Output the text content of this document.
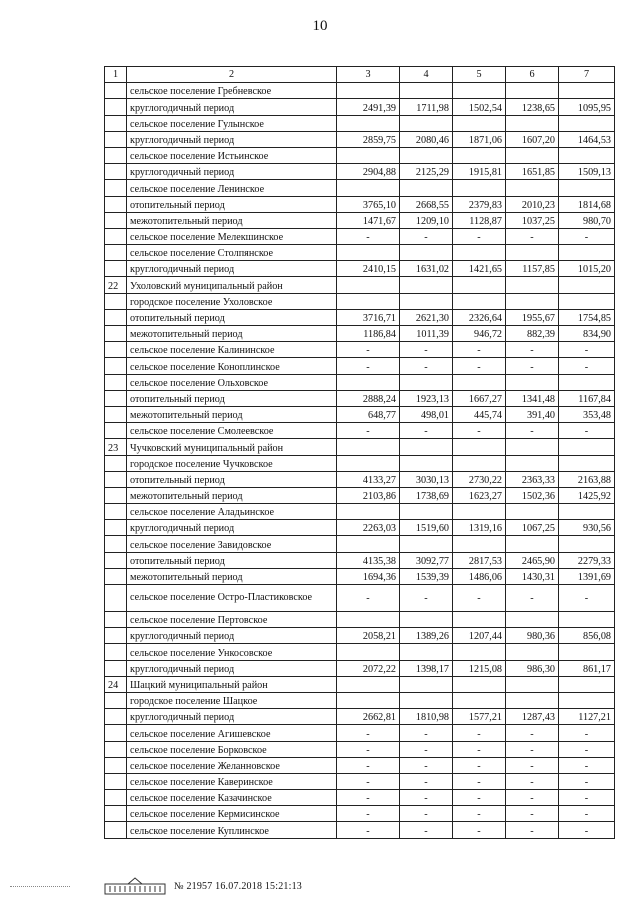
10
1	2	3	4	5	6	7
	сельское поселение Гребневское					
	круглогодичный период	2491,39	1711,98	1502,54	1238,65	1095,95
	сельское поселение Гулынское					
	круглогодичный период	2859,75	2080,46	1871,06	1607,20	1464,53
	сельское поселение Истьинское					
	круглогодичный период	2904,88	2125,29	1915,81	1651,85	1509,13
	сельское поселение Ленинское					
	отопительный период	3765,10	2668,55	2379,83	2010,23	1814,68
	межотопительный период	1471,67	1209,10	1128,87	1037,25	980,70
	сельское поселение Мелекшинское	-	-	-	-	-
	сельское поселение Столпянское					
	круглогодичный период	2410,15	1631,02	1421,65	1157,85	1015,20
22	Ухоловский муниципальный район					
	городское поселение Ухоловское					
	отопительный период	3716,71	2621,30	2326,64	1955,67	1754,85
	межотопительный период	1186,84	1011,39	946,72	882,39	834,90
	сельское поселение Калининское	-	-	-	-	-
	сельское поселение Коноплинское	-	-	-	-	-
	сельское поселение Ольховское					
	отопительный период	2888,24	1923,13	1667,27	1341,48	1167,84
	межотопительный период	648,77	498,01	445,74	391,40	353,48
	сельское поселение Смолеевское	-	-	-	-	-
23	Чучковский муниципальный район					
	городское поселение Чучковское					
	отопительный период	4133,27	3030,13	2730,22	2363,33	2163,88
	межотопительный период	2103,86	1738,69	1623,27	1502,36	1425,92
	сельское поселение Аладьинское					
	круглогодичный период	2263,03	1519,60	1319,16	1067,25	930,56
	сельское поселение Завидовское					
	отопительный период	4135,38	3092,77	2817,53	2465,90	2279,33
	межотопительный период	1694,36	1539,39	1486,06	1430,31	1391,69
	сельское поселение Остро-Пластиковское	-	-	-	-	-
	сельское поселение Пертовское					
	круглогодичный период	2058,21	1389,26	1207,44	980,36	856,08
	сельское поселение Ункосовское					
	круглогодичный период	2072,22	1398,17	1215,08	986,30	861,17
24	Шацкий муниципальный район					
	городское поселение Шацкое					
	круглогодичный период	2662,81	1810,98	1577,21	1287,43	1127,21
	сельское поселение Агишевское	-	-	-	-	-
	сельское поселение Борковское	-	-	-	-	-
	сельское поселение Желанновское	-	-	-	-	-
	сельское поселение Каверинское	-	-	-	-	-
	сельское поселение Казачинское	-	-	-	-	-
	сельское поселение Кермисинское	-	-	-	-	-
	сельское поселение Куплинское	-	-	-	-	-
№ 21957 16.07.2018 15:21:13
